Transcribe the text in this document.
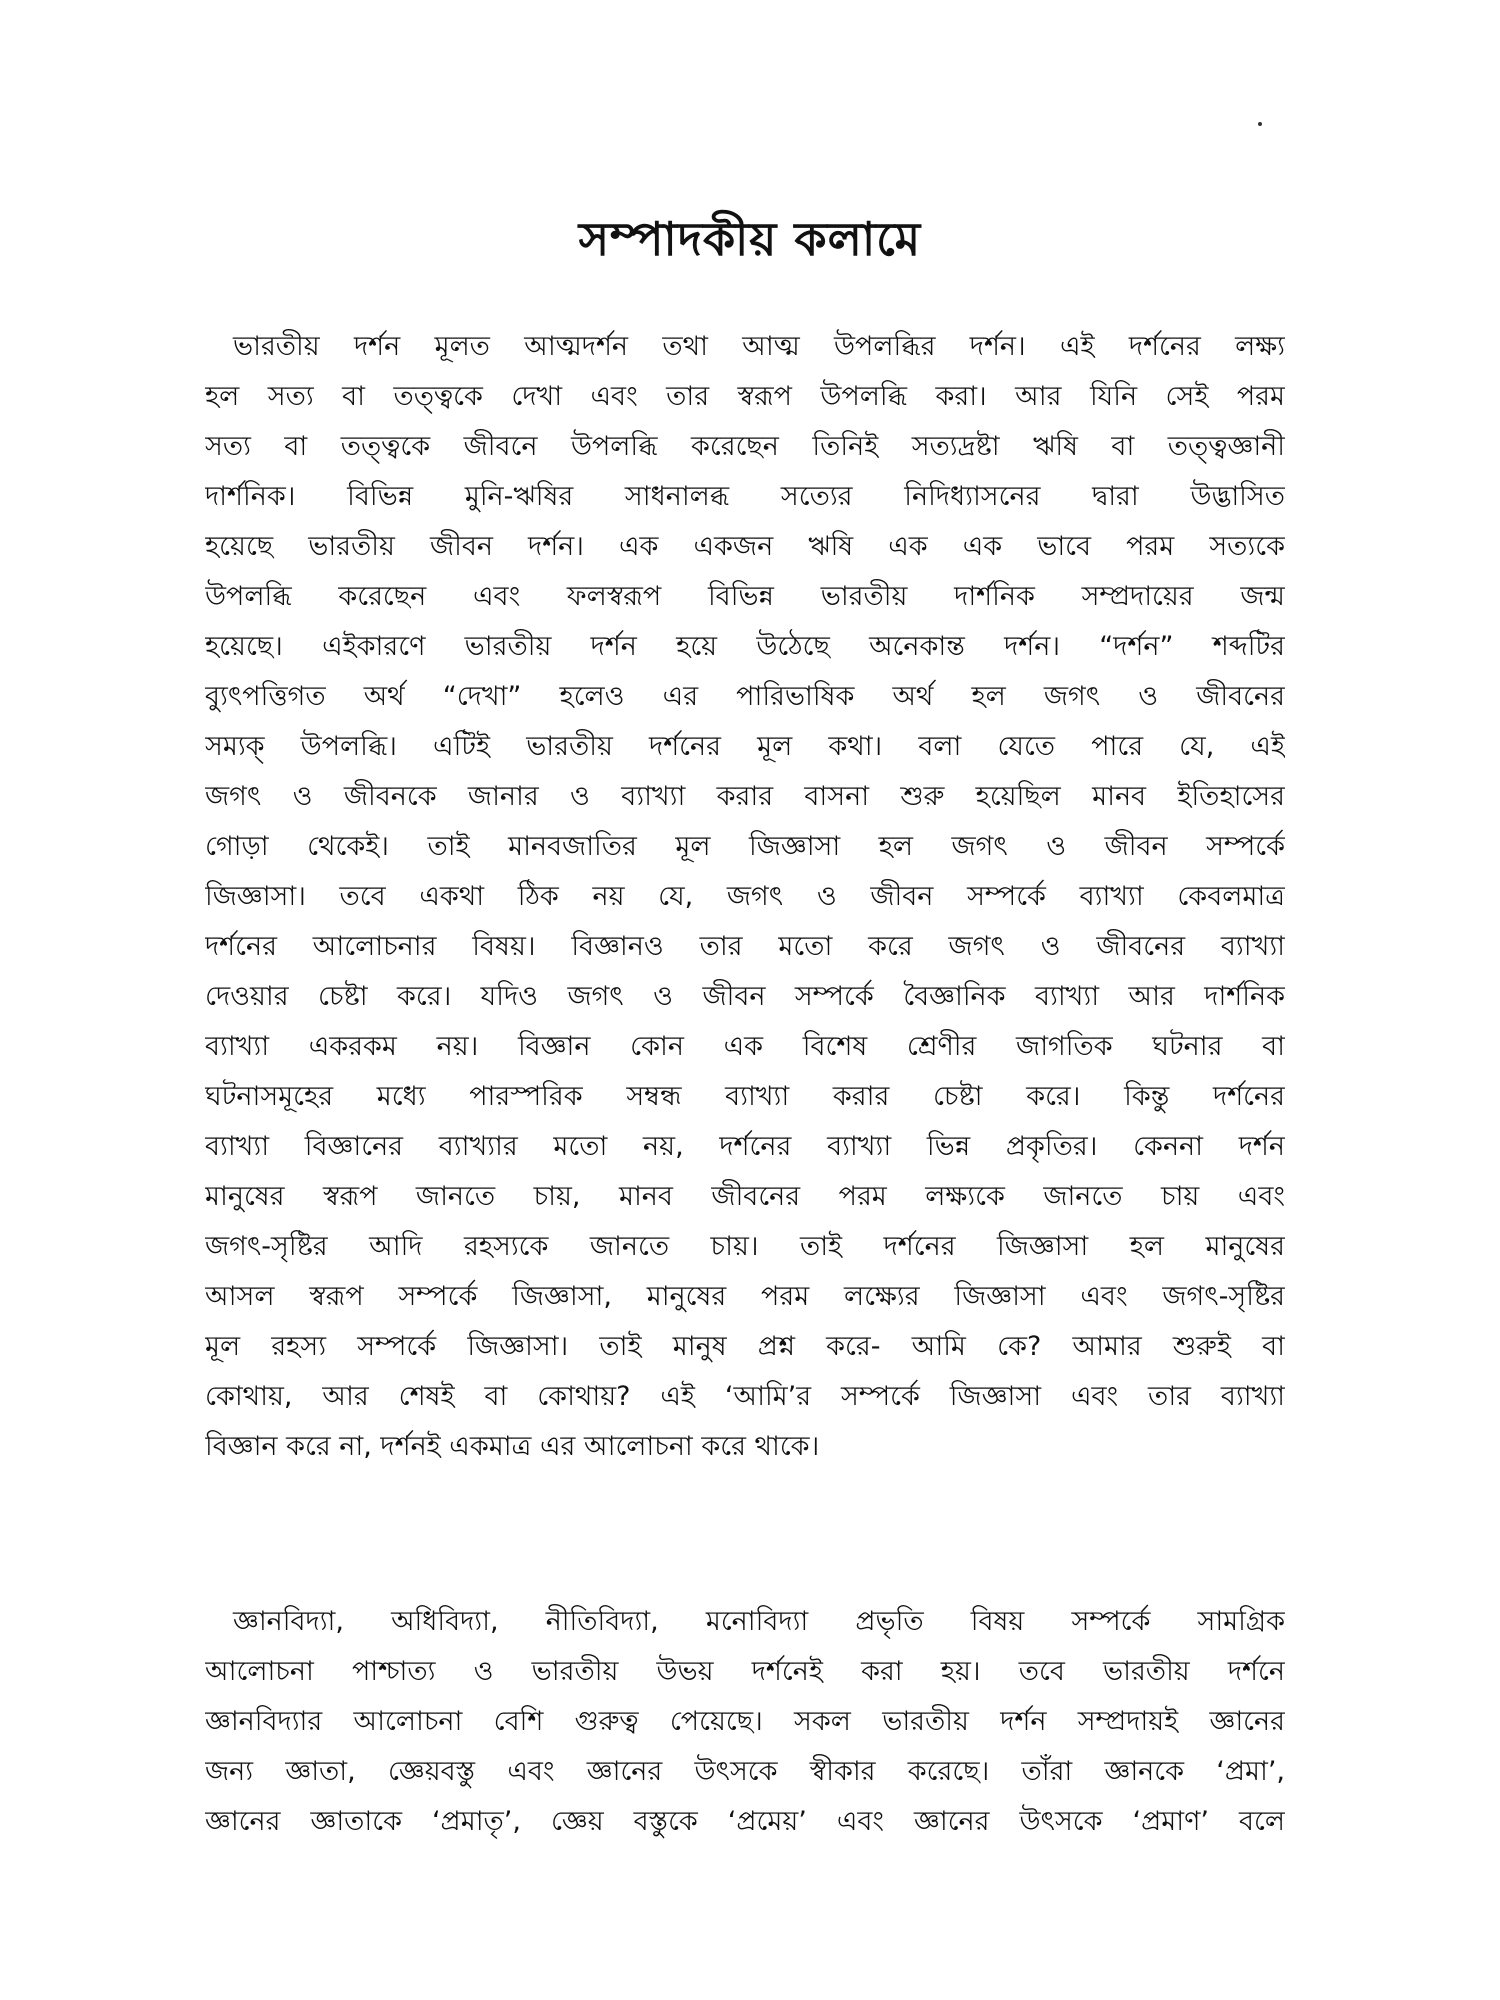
সম্পাদকীয় কলামে
ভারতীয় দর্শন মূলত আত্মদর্শন তথা আত্ম উপলব্ধির দর্শন। এই দর্শনের লক্ষ্য
হল সত্য বা তত্ত্বকে দেখা এবং তার স্বরূপ উপলব্ধি করা। আর যিনি সেই পরম
সত্য বা তত্ত্বকে জীবনে উপলব্ধি করেছেন তিনিই সত্যদ্রষ্টা ঋষি বা তত্ত্বজ্ঞানী
দার্শনিক। বিভিন্ন মুনি-ঋষির সাধনালব্ধ সত্যের নিদিধ্যাসনের দ্বারা উদ্ভাসিত
হয়েছে ভারতীয় জীবন দর্শন। এক একজন ঋষি এক এক ভাবে পরম সত্যকে
উপলব্ধি করেছেন এবং ফলস্বরূপ বিভিন্ন ভারতীয় দার্শনিক সম্প্রদায়ের জন্ম
হয়েছে। এইকারণে ভারতীয় দর্শন হয়ে উঠেছে অনেকান্ত দর্শন। “দর্শন” শব্দটির
ব্যুৎপত্তিগত অর্থ “দেখা” হলেও এর পারিভাষিক অর্থ হল জগৎ ও জীবনের
সম্যক্ উপলব্ধি। এটিই ভারতীয় দর্শনের মূল কথা। বলা যেতে পারে যে, এই
জগৎ ও জীবনকে জানার ও ব্যাখ্যা করার বাসনা শুরু হয়েছিল মানব ইতিহাসের
গোড়া থেকেই। তাই মানবজাতির মূল জিজ্ঞাসা হল জগৎ ও জীবন সম্পর্কে
জিজ্ঞাসা। তবে একথা ঠিক নয় যে, জগৎ ও জীবন সম্পর্কে ব্যাখ্যা কেবলমাত্র
দর্শনের আলোচনার বিষয়। বিজ্ঞানও তার মতো করে জগৎ ও জীবনের ব্যাখ্যা
দেওয়ার চেষ্টা করে। যদিও জগৎ ও জীবন সম্পর্কে বৈজ্ঞানিক ব্যাখ্যা আর দার্শনিক
ব্যাখ্যা একরকম নয়। বিজ্ঞান কোন এক বিশেষ শ্রেণীর জাগতিক ঘটনার বা
ঘটনাসমূহের মধ্যে পারস্পরিক সম্বন্ধ ব্যাখ্যা করার চেষ্টা করে। কিন্তু দর্শনের
ব্যাখ্যা বিজ্ঞানের ব্যাখ্যার মতো নয়, দর্শনের ব্যাখ্যা ভিন্ন প্রকৃতির। কেননা দর্শন
মানুষের স্বরূপ জানতে চায়, মানব জীবনের পরম লক্ষ্যকে জানতে চায় এবং
জগৎ-সৃষ্টির আদি রহস্যকে জানতে চায়। তাই দর্শনের জিজ্ঞাসা হল মানুষের
আসল স্বরূপ সম্পর্কে জিজ্ঞাসা, মানুষের পরম লক্ষ্যের জিজ্ঞাসা এবং জগৎ-সৃষ্টির
মূল রহস্য সম্পর্কে জিজ্ঞাসা। তাই মানুষ প্রশ্ন করে- আমি কে? আমার শুরুই বা
কোথায়, আর শেষই বা কোথায়? এই ‘আমি’র সম্পর্কে জিজ্ঞাসা এবং তার ব্যাখ্যা
বিজ্ঞান করে না, দর্শনই একমাত্র এর আলোচনা করে থাকে।
জ্ঞানবিদ্যা, অধিবিদ্যা, নীতিবিদ্যা, মনোবিদ্যা প্রভৃতি বিষয় সম্পর্কে সামগ্রিক
আলোচনা পাশ্চাত্য ও ভারতীয় উভয় দর্শনেই করা হয়। তবে ভারতীয় দর্শনে
জ্ঞানবিদ্যার আলোচনা বেশি গুরুত্ব পেয়েছে। সকল ভারতীয় দর্শন সম্প্রদায়ই জ্ঞানের
জন্য জ্ঞাতা, জ্ঞেয়বস্তু এবং জ্ঞানের উৎসকে স্বীকার করেছে। তাঁরা জ্ঞানকে ‘প্রমা’,
জ্ঞানের জ্ঞাতাকে ‘প্রমাতৃ’, জ্ঞেয় বস্তুকে ‘প্রমেয়’ এবং জ্ঞানের উৎসকে ‘প্রমাণ’ বলে
